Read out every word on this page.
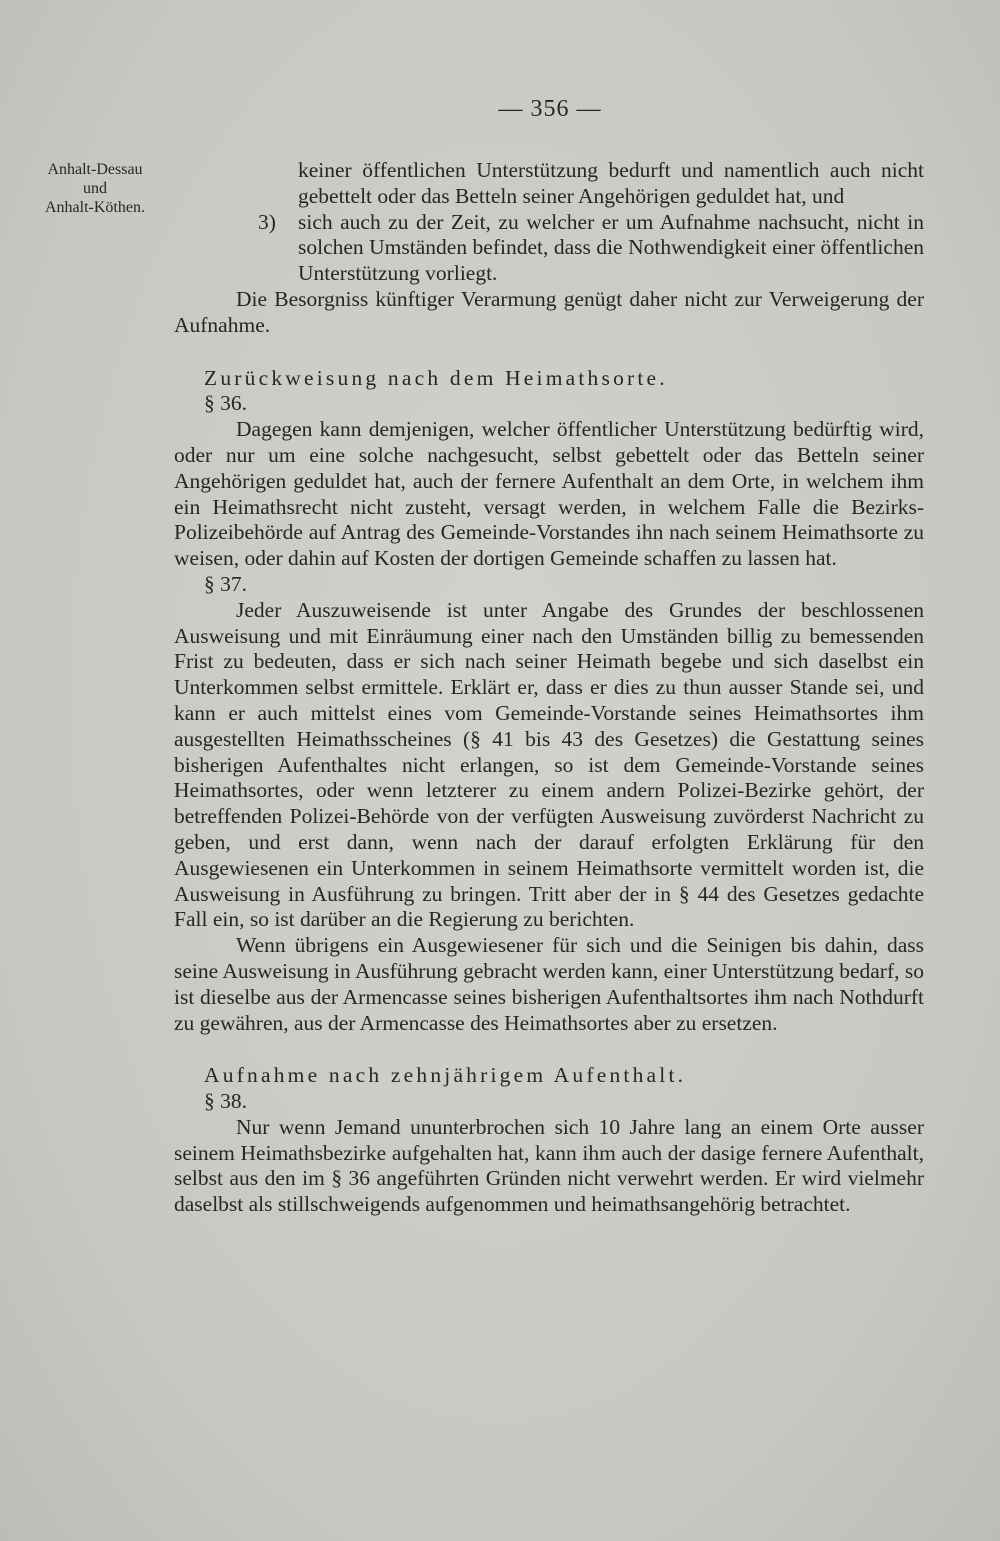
— 356 —
Anhalt-Dessau
und
Anhalt-Köthen.

keiner öffentlichen Unterstützung bedurft und namentlich auch nicht gebettelt oder das Betteln seiner Angehörigen geduldet hat, und

3) sich auch zu der Zeit, zu welcher er um Aufnahme nachsucht, nicht in solchen Umständen befindet, dass die Nothwendigkeit einer öffentlichen Unterstützung vorliegt.

Die Besorgniss künftiger Verarmung genügt daher nicht zur Verweigerung der Aufnahme.

Zurückweisung nach dem Heimathsorte.

§ 36.

Dagegen kann demjenigen, welcher öffentlicher Unterstützung bedürftig wird, oder nur um eine solche nachgesucht, selbst gebettelt oder das Betteln seiner Angehörigen geduldet hat, auch der fernere Aufenthalt an dem Orte, in welchem ihm ein Heimathsrecht nicht zusteht, versagt werden, in welchem Falle die Bezirks-Polizeibehörde auf Antrag des Gemeinde-Vorstandes ihn nach seinem Heimathsorte zu weisen, oder dahin auf Kosten der dortigen Gemeinde schaffen zu lassen hat.

§ 37.

Jeder Auszuweisende ist unter Angabe des Grundes der beschlossenen Ausweisung und mit Einräumung einer nach den Umständen billig zu bemessenden Frist zu bedeuten, dass er sich nach seiner Heimath begebe und sich daselbst ein Unterkommen selbst ermittele. Erklärt er, dass er dies zu thun ausser Stande sei, und kann er auch mittelst eines vom Gemeinde-Vorstande seines Heimathsortes ihm ausgestellten Heimathsscheines (§ 41 bis 43 des Gesetzes) die Gestattung seines bisherigen Aufenthaltes nicht erlangen, so ist dem Gemeinde-Vorstande seines Heimathsortes, oder wenn letzterer zu einem andern Polizei-Bezirke gehört, der betreffenden Polizei-Behörde von der verfügten Ausweisung zuvörderst Nachricht zu geben, und erst dann, wenn nach der darauf erfolgten Erklärung für den Ausgewiesenen ein Unterkommen in seinem Heimathsorte vermittelt worden ist, die Ausweisung in Ausführung zu bringen. Tritt aber der in § 44 des Gesetzes gedachte Fall ein, so ist darüber an die Regierung zu berichten.

Wenn übrigens ein Ausgewiesener für sich und die Seinigen bis dahin, dass seine Ausweisung in Ausführung gebracht werden kann, einer Unterstützung bedarf, so ist dieselbe aus der Armencasse seines bisherigen Aufenthaltsortes ihm nach Nothdurft zu gewähren, aus der Armencasse des Heimathsortes aber zu ersetzen.

Aufnahme nach zehnjährigem Aufenthalt.

§ 38.

Nur wenn Jemand ununterbrochen sich 10 Jahre lang an einem Orte ausser seinem Heimathsbezirke aufgehalten hat, kann ihm auch der dasige fernere Aufenthalt, selbst aus den im § 36 angeführten Gründen nicht verwehrt werden. Er wird vielmehr daselbst als stillschweigends aufgenommen und heimathsangehörig betrachtet.
